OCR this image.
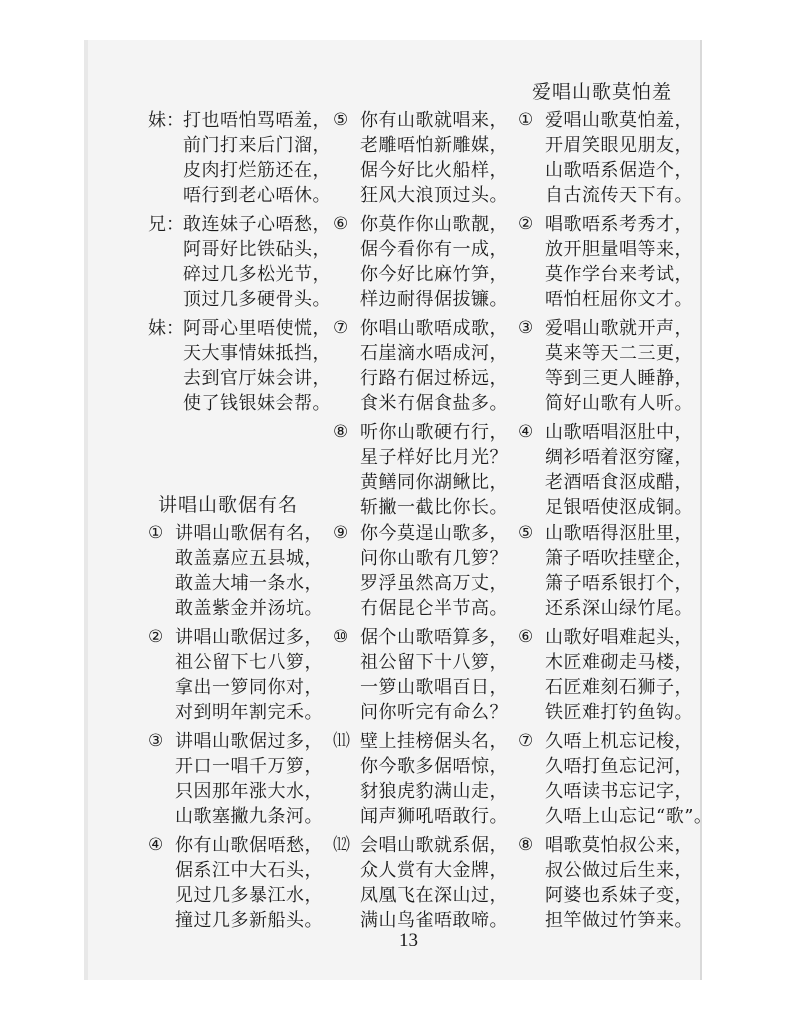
爱唱山歌莫怕羞
讲唱山歌倨有名
妹： 打也唔怕骂唔羞，
前门打来后门溜，
皮肉打烂筋还在，
唔行到老心唔休。
兄： 敢连妹子心唔愁，
阿哥好比铁砧头，
碎过几多松光节，
顶过几多硬骨头。
妹： 阿哥心里唔使慌，
天大事情妹抵挡，
去到官厅妹会讲，
使了钱银妹会帮。
① 讲唱山歌倨有名，
敢盖嘉应五县城，
敢盖大埔一条水，
敢盖紫金并汤坑。
② 讲唱山歌倨过多，
祖公留下七八箩，
拿出一箩同你对，
对到明年割完禾。
③ 讲唱山歌倨过多，
开口一唱千万箩，
只因那年涨大水，
山歌塞撇九条河。
④ 你有山歌倨唔愁，
倨系江中大石头，
见过几多暴江水，
撞过几多新船头。
⑤ 你有山歌就唱来，
老雕唔怕新雕媒，
倨今好比火船样，
狂风大浪顶过头。
⑥ 你莫作你山歌靓，
倨今看你有一成，
你今好比麻竹笋，
样边耐得倨拔镰。
⑦ 你唱山歌唔成歌，
石崖滴水唔成河，
行路冇倨过桥远，
食米冇倨食盐多。
⑧ 听你山歌硬冇行，
星子样好比月光？
黄鳝同你湖鳅比，
斩撇一截比你长。
⑨ 你今莫逞山歌多，
问你山歌有几箩？
罗浮虽然高万丈，
冇倨昆仑半节高。
⑩ 倨个山歌唔算多，
祖公留下十八箩，
一箩山歌唱百日，
问你听完有命么？
⑾ 壁上挂榜倨头名，
你今歌多倨唔惊，
豺狼虎豹满山走，
闻声狮吼唔敢行。
⑿ 会唱山歌就系倨，
众人赏有大金牌，
凤凰飞在深山过，
满山鸟雀唔敢啼。
① 爱唱山歌莫怕羞，
开眉笑眼见朋友，
山歌唔系倨造个，
自古流传天下有。
② 唱歌唔系考秀才，
放开胆量唱等来，
莫作学台来考试，
唔怕枉屈你文才。
③ 爱唱山歌就开声，
莫来等天二三更，
等到三更人睡静，
简好山歌有人听。
④ 山歌唔唱沤肚中，
绸衫唔着沤穷窿，
老酒唔食沤成醋，
足银唔使沤成铜。
⑤ 山歌唔得沤肚里，
箫子唔吹挂壁企，
箫子唔系银打个，
还系深山绿竹尾。
⑥ 山歌好唱难起头，
木匠难砌走马楼，
石匠难刻石狮子，
铁匠难打钓鱼钩。
⑦ 久唔上机忘记梭，
久唔打鱼忘记河，
久唔读书忘记字，
久唔上山忘记“歌”。
⑧ 唱歌莫怕叔公来，
叔公做过后生来，
阿婆也系妹子变，
担竿做过竹笋来。
13
